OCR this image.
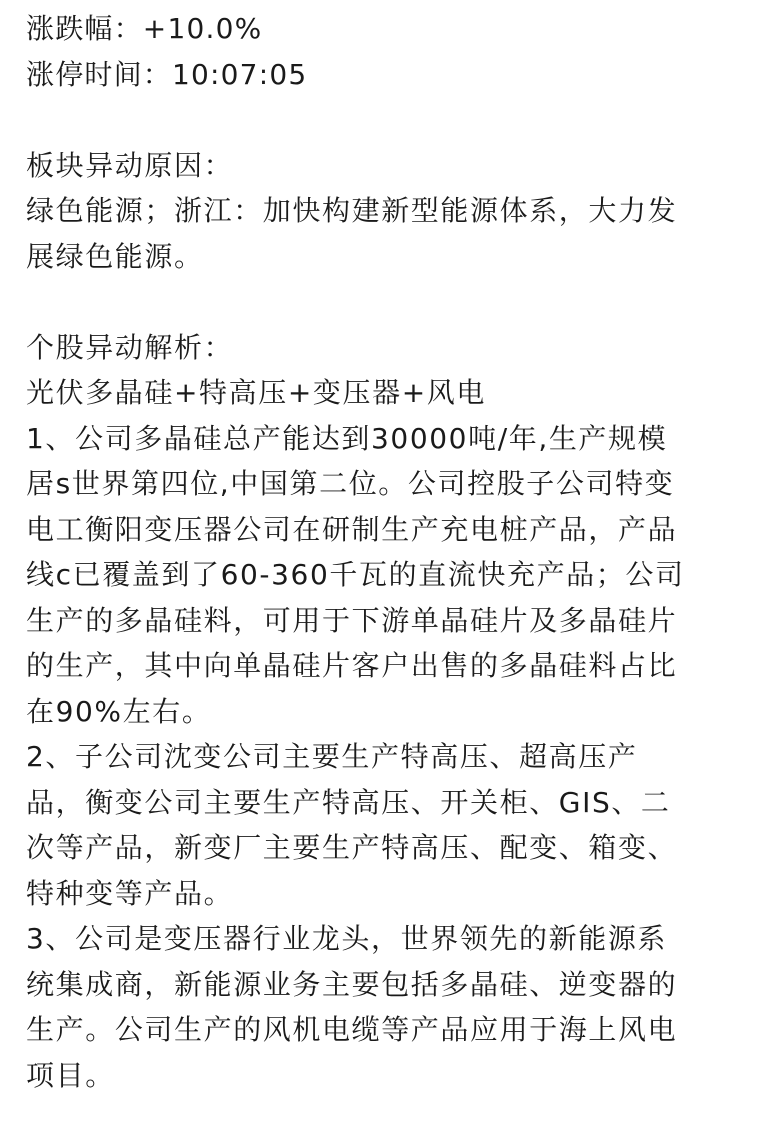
涨跌幅：+10.0%
涨停时间：10:07:05
板块异动原因：
绿色能源；浙江：加快构建新型能源体系，大力发
展绿色能源。
个股异动解析：
光伏多晶硅+特高压+变压器+风电
1、公司多晶硅总产能达到30000吨/年,生产规模
居s世界第四位,中国第二位。公司控股子公司特变
电工衡阳变压器公司在研制生产充电桩产品，产品
线c已覆盖到了60-360千瓦的直流快充产品；公司
生产的多晶硅料，可用于下游单晶硅片及多晶硅片
的生产，其中向单晶硅片客户出售的多晶硅料占比
在90%左右。
2、子公司沈变公司主要生产特高压、超高压产
品，衡变公司主要生产特高压、开关柜、GIS、二
次等产品，新变厂主要生产特高压、配变、箱变、
特种变等产品。
3、公司是变压器行业龙头，世界领先的新能源系
统集成商，新能源业务主要包括多晶硅、逆变器的
生产。公司生产的风机电缆等产品应用于海上风电
项目。
